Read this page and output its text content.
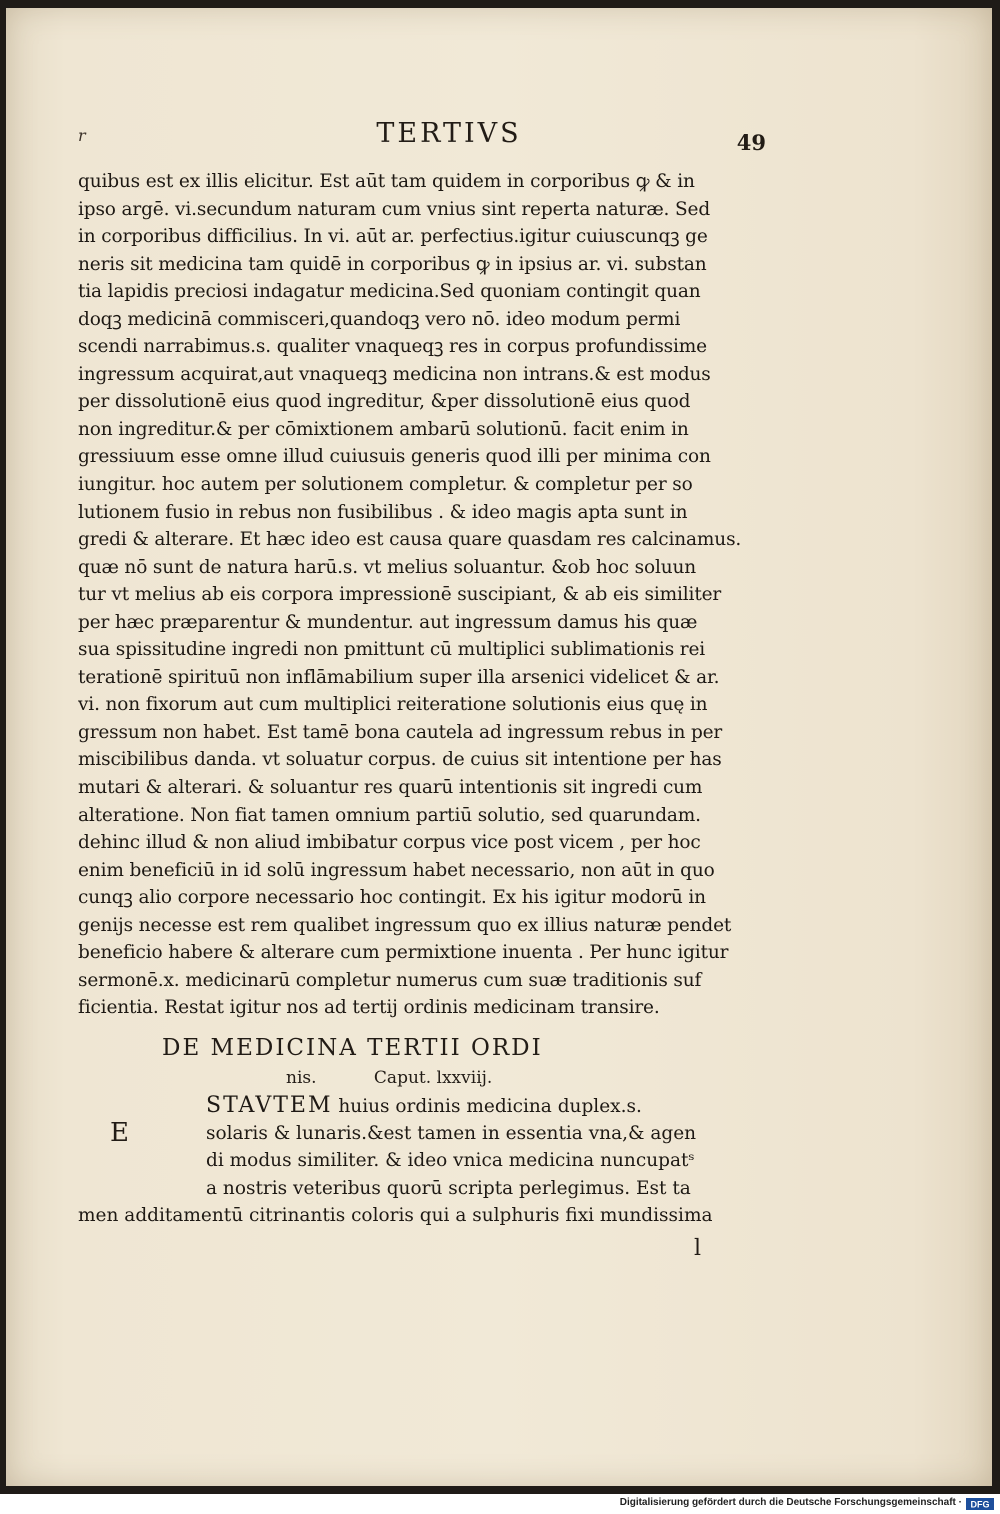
r	TERTIVS	49
quibus est ex illis elicitur. Est aūt tam quidem in corporibus ꝙ & in
ipso argē. vi.secundum naturam cum vnius sint reperta naturæ. Sed
in corporibus difficilius. In vi. aūt ar. perfectius.igitur cuiuscunqꝫ ge
neris sit medicina tam quidē in corporibus ꝙ in ipsius ar. vi. substan
tia lapidis preciosi indagatur medicina.Sed quoniam contingit quan
doqꝫ medicinā commisceri,quandoqꝫ vero nō. ideo modum permi
scendi narrabimus.s. qualiter vnaqueqꝫ res in corpus profundissime
ingressum acquirat,aut vnaqueqꝫ medicina non intrans.& est modus
per dissolutionē eius quod ingreditur, &per dissolutionē eius quod
non ingreditur.& per cōmixtionem ambarū solutionū. facit enim in
gressiuum esse omne illud cuiusuis generis quod illi per minima con
iungitur. hoc autem per solutionem completur. & completur per so
lutionem fusio in rebus non fusibilibus . & ideo magis apta sunt in
gredi & alterare. Et hæc ideo est causa quare quasdam res calcinamus.
quæ nō sunt de natura harū.s. vt melius soluantur. &ob hoc soluun
tur vt melius ab eis corpora impressionē suscipiant, & ab eis similiter
per hæc præparentur & mundentur. aut ingressum damus his quæ
sua spissitudine ingredi non pmittunt cū multiplici sublimationis rei
terationē spirituū non inflāmabilium super illa arsenici videlicet & ar.
vi. non fixorum aut cum multiplici reiteratione solutionis eius quę in
gressum non habet. Est tamē bona cautela ad ingressum rebus in per
miscibilibus danda. vt soluatur corpus. de cuius sit intentione per has
mutari & alterari. & soluantur res quarū intentionis sit ingredi cum
alteratione. Non fiat tamen omnium partiū solutio, sed quarundam.
dehinc illud & non aliud imbibatur corpus vice post vicem , per hoc
enim beneficiū in id solū ingressum habet necessario, non aūt in quo
cunqꝫ alio corpore necessario hoc contingit. Ex his igitur modorū in
genijs necesse est rem qualibet ingressum quo ex illius naturæ pendet
beneficio habere & alterare cum permixtione inuenta . Per hunc igitur
sermonē.x. medicinarū completur numerus cum suæ traditionis suf
ficientia. Restat igitur nos ad tertij ordinis medicinam transire.
DE MEDICINA TERTII ORDI
nis.	Caput. lxxviij.
E
STAVTEM huius ordinis medicina duplex.s.
solaris & lunaris.&est tamen in essentia vna,& agen
di modus similiter. & ideo vnica medicina nuncupatˢ
a nostris veteribus quorū scripta perlegimus. Est ta
men additamentū citrinantis coloris qui a sulphuris fixi mundissima
l
Digitalisierung gefördert durch die Deutsche Forschungsgemeinschaft · DFG
